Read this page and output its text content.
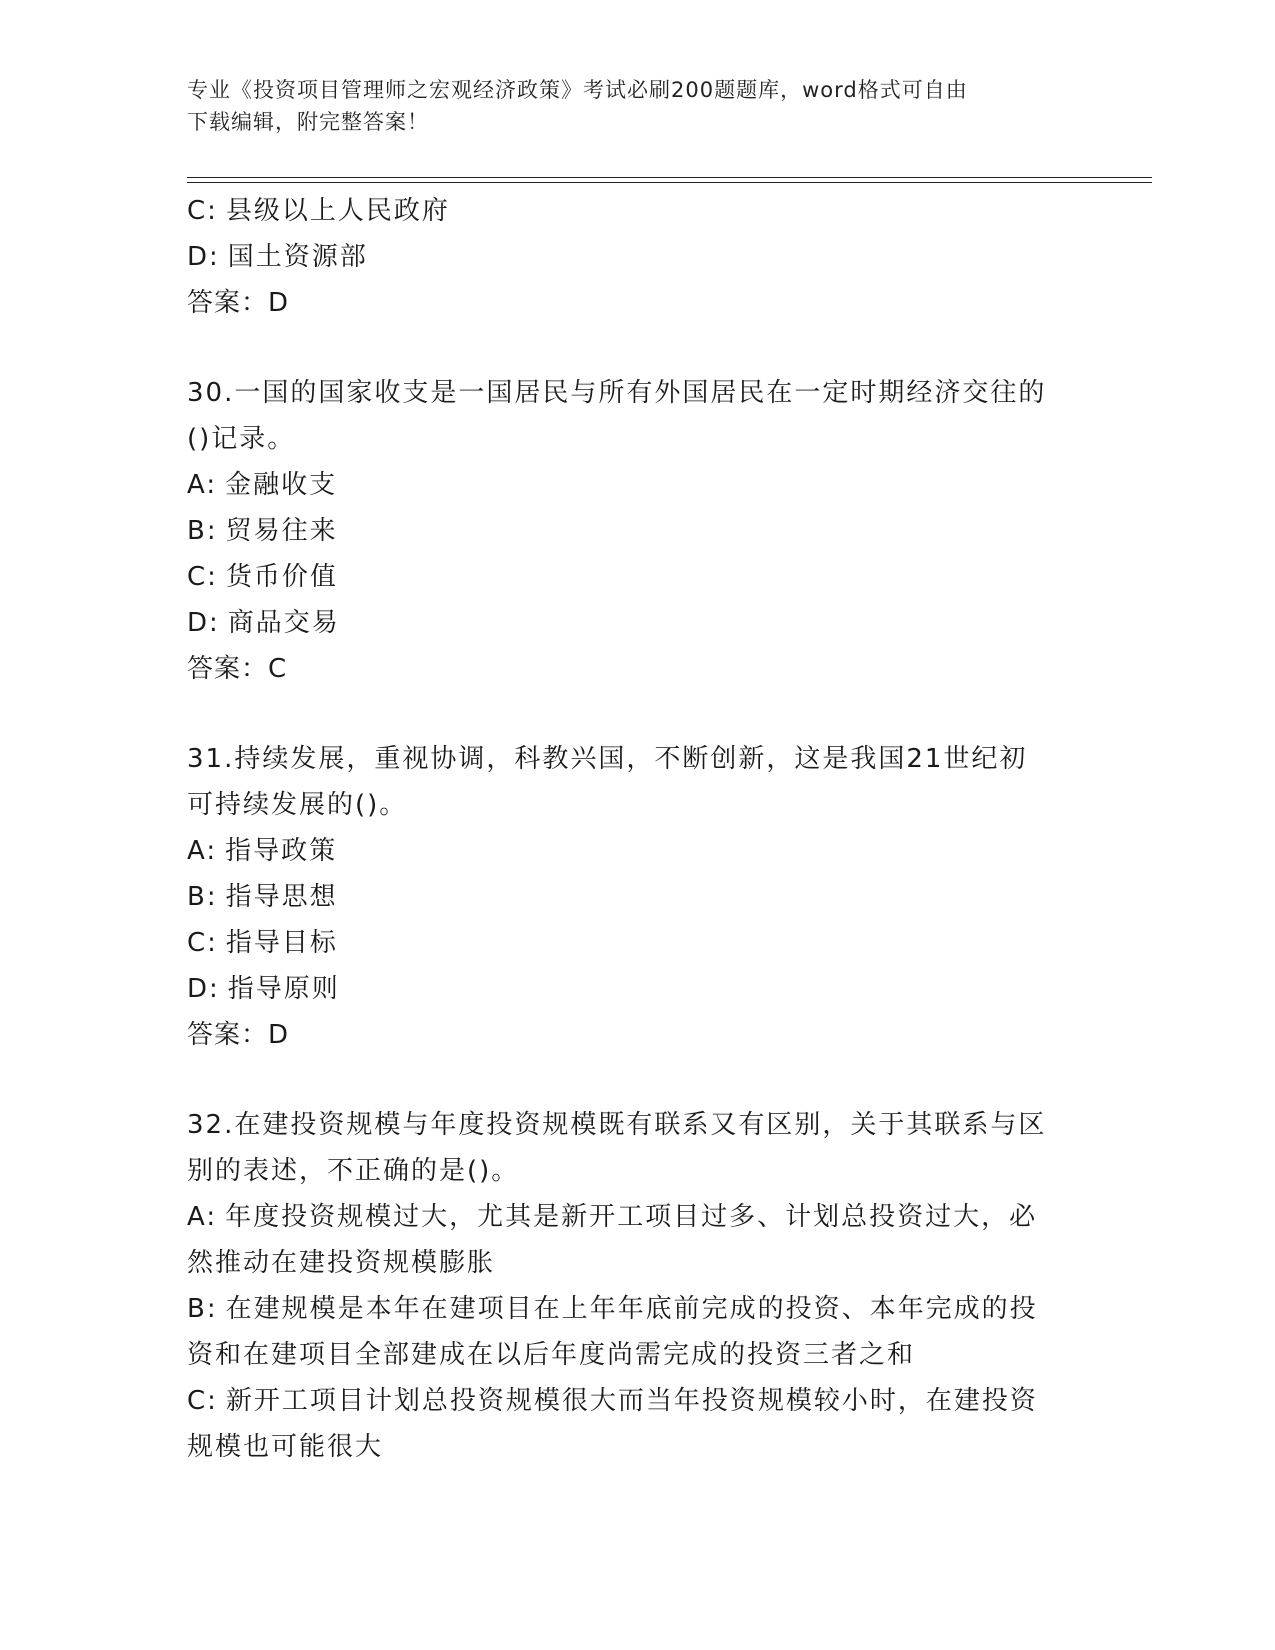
专业《投资项目管理师之宏观经济政策》考试必刷200题题库，word格式可自由
下载编辑，附完整答案！
C: 县级以上人民政府
D: 国土资源部
答案：D
30.一国的国家收支是一国居民与所有外国居民在一定时期经济交往的
()记录。
A: 金融收支
B: 贸易往来
C: 货币价值
D: 商品交易
答案：C
31.持续发展，重视协调，科教兴国，不断创新，这是我国21世纪初
可持续发展的()。
A: 指导政策
B: 指导思想
C: 指导目标
D: 指导原则
答案：D
32.在建投资规模与年度投资规模既有联系又有区别，关于其联系与区
别的表述，不正确的是()。
A: 年度投资规模过大，尤其是新开工项目过多、计划总投资过大，必
然推动在建投资规模膨胀
B: 在建规模是本年在建项目在上年年底前完成的投资、本年完成的投
资和在建项目全部建成在以后年度尚需完成的投资三者之和
C: 新开工项目计划总投资规模很大而当年投资规模较小时，在建投资
规模也可能很大
